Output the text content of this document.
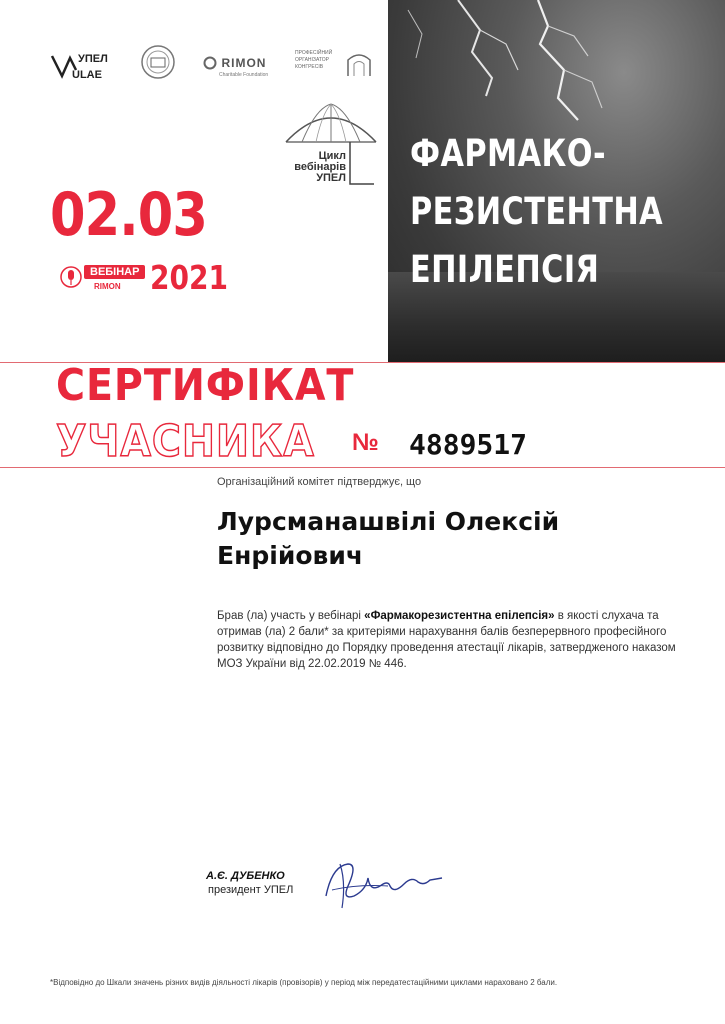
ФАРМАКО-
РЕЗИСТЕНТНА
ЕПІЛЕПСІЯ
УПЕЛ
ULAE
RIMON
Charitable Foundation
ПРОФЕСІЙНИЙ ОРГАНІЗАТОР КОНГРЕСІВ
Цикл
вебінарів
УПЕЛ
02.03
ВЕБІНАР
RIMON 2021
СЕРТИФІКАТ
УЧАСНИКА № 4889517
Організаційний комітет підтверджує, що
Лурсманашвілі Олексій Енрійович
Брав (ла) участь у вебінарі «Фармакорезистентна епілепсія» в якості слухача та отримав (ла) 2 бали* за критеріями нарахування балів безперервного професійного розвитку відповідно до Порядку проведення атестації лікарів, затвердженого наказом МОЗ України від 22.02.2019 № 446.
А.Є. ДУБЕНКО
президент УПЕЛ
*Відповідно до Шкали значень різних видів діяльності лікарів (провізорів) у період між передатестаційними циклами нараховано 2 бали.
